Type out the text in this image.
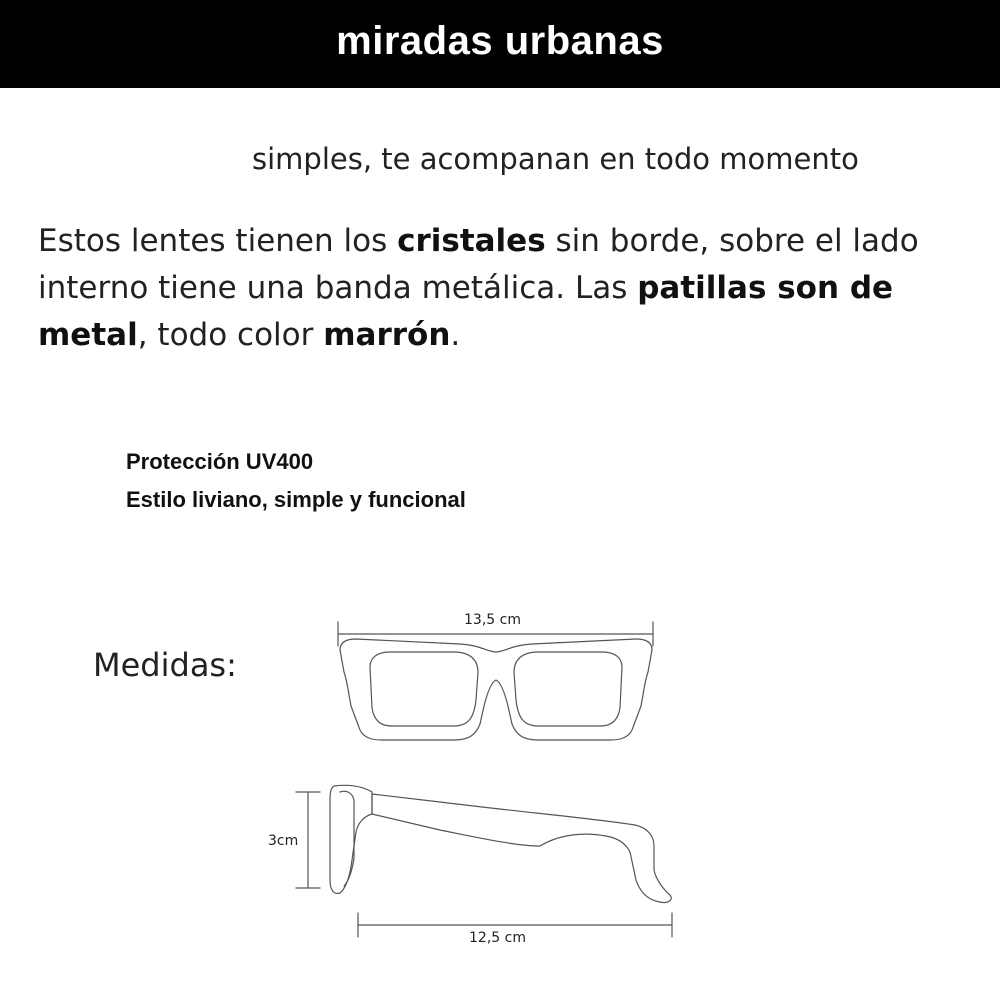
miradas urbanas
simples, te acompanan en todo momento
Estos lentes tienen los cristales sin borde, sobre el lado interno tiene una banda metálica. Las patillas son de metal, todo color marrón.
Protección UV400
Estilo liviano, simple y funcional
Medidas:
13,5 cm
3cm
12,5 cm
